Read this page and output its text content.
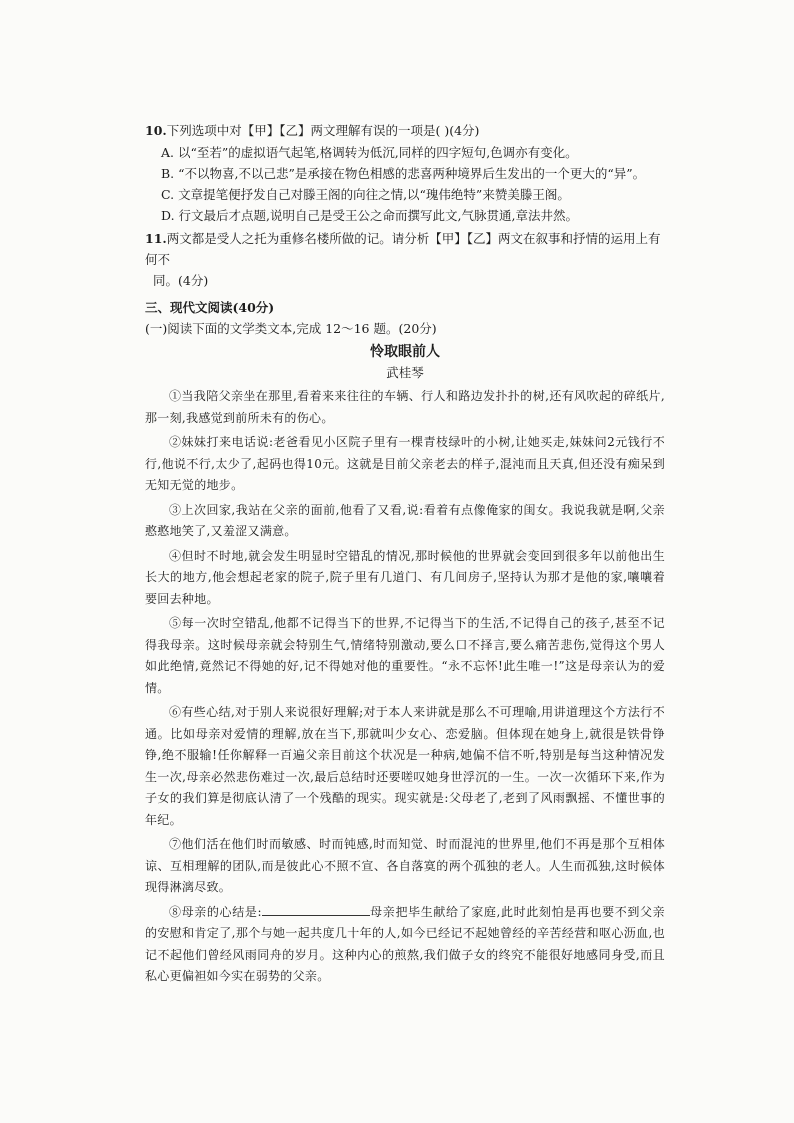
10.下列选项中对【甲】【乙】两文理解有误的一项是( )(4分)
A. 以“至若”的虚拟语气起笔,格调转为低沉,同样的四字短句,色调亦有变化。
B. “不以物喜,不以己悲”是承接在物色相感的悲喜两种境界后生发出的一个更大的“异”。
C. 文章提笔便抒发自己对滕王阁的向往之情,以“瑰伟绝特”来赞美滕王阁。
D. 行文最后才点题,说明自己是受王公之命而撰写此文,气脉贯通,章法井然。
11.两文都是受人之托为重修名楼所做的记。请分析【甲】【乙】两文在叙事和抒情的运用上有何不
同。(4分)
三、现代文阅读(40分)
(一)阅读下面的文学类文本,完成 12～16 题。(20分)
怜取眼前人
武桂琴

①当我陪父亲坐在那里,看着来来往往的车辆、行人和路边发扑扑的树,还有风吹起的碎纸片,那一刻,我感觉到前所未有的伤心。

②妹妹打来电话说:老爸看见小区院子里有一棵青枝绿叶的小树,让她买走,妹妹问2元钱行不行,他说不行,太少了,起码也得10元。这就是目前父亲老去的样子,混沌而且天真,但还没有痴呆到无知无觉的地步。

③上次回家,我站在父亲的面前,他看了又看,说:看着有点像俺家的闺女。我说我就是啊,父亲憨憨地笑了,又羞涩又满意。

④但时不时地,就会发生明显时空错乱的情况,那时候他的世界就会变回到很多年以前他出生长大的地方,他会想起老家的院子,院子里有几道门、有几间房子,坚持认为那才是他的家,嚷嚷着要回去种地。

⑤每一次时空错乱,他都不记得当下的世界,不记得当下的生活,不记得自己的孩子,甚至不记得我母亲。这时候母亲就会特别生气,情绪特别激动,要么口不择言,要么痛苦悲伤,觉得这个男人如此绝情,竟然记不得她的好,记不得她对他的重要性。“永不忘怀!此生唯一!”这是母亲认为的爱情。

⑥有些心结,对于别人来说很好理解;对于本人来讲就是那么不可理喻,用讲道理这个方法行不通。比如母亲对爱情的理解,放在当下,那就叫少女心、恋爱脑。但体现在她身上,就很是铁骨铮铮,绝不服输!任你解释一百遍父亲目前这个状况是一种病,她偏不信不听,特别是每当这种情况发生一次,母亲必然悲伤难过一次,最后总结时还要嗟叹她身世浮沉的一生。一次一次循环下来,作为子女的我们算是彻底认清了一个残酷的现实。现实就是:父母老了,老到了风雨飘摇、不懂世事的年纪。

⑦他们活在他们时而敏感、时而钝感,时而知觉、时而混沌的世界里,他们不再是那个互相体谅、互相理解的团队,而是彼此心不照不宣、各自落寞的两个孤独的老人。人生而孤独,这时候体现得淋漓尽致。

⑧母亲的心结是:	母亲把毕生献给了家庭,此时此刻怕是再也要不到父亲的安慰和肯定了,那个与她一起共度几十年的人,如今已经记不起她曾经的辛苦经营和呕心沥血,也记不起他们曾经风雨同舟的岁月。这种内心的煎熬,我们做子女的终究不能很好地感同身受,而且私心更偏袒如今实在弱势的父亲。
